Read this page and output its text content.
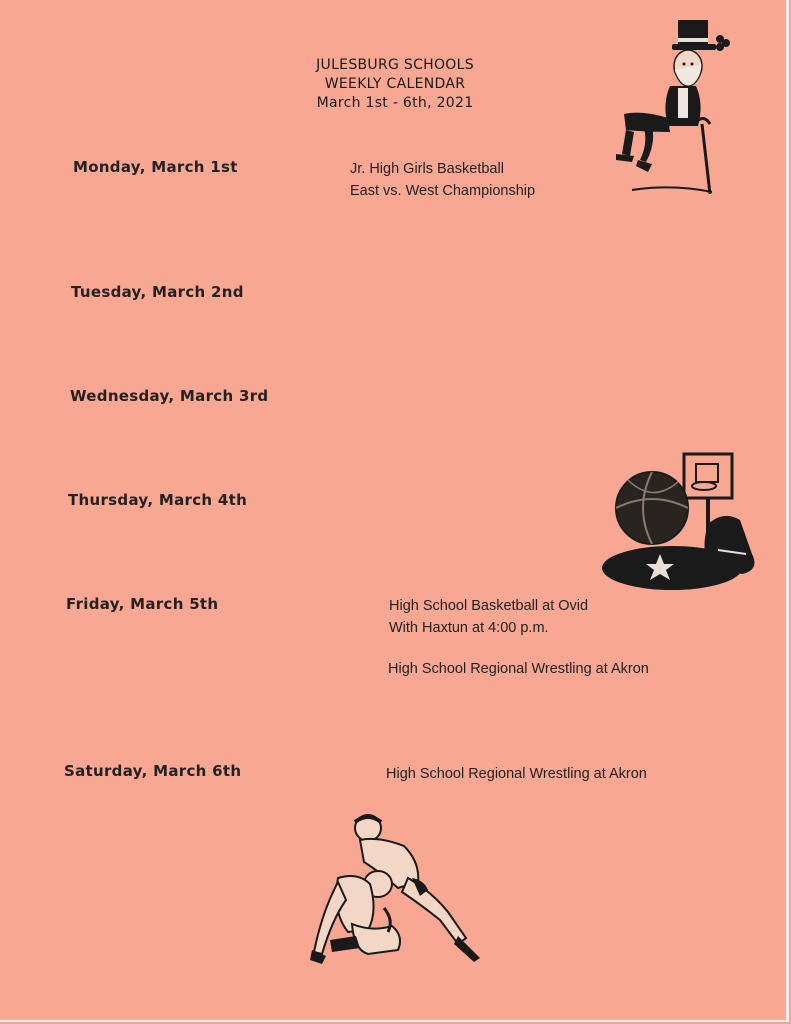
JULESBURG SCHOOLS
WEEKLY CALENDAR
March 1st - 6th, 2021
Monday, March 1st	Jr. High Girls Basketball
East vs. West Championship
Tuesday, March 2nd
Wednesday, March 3rd
Thursday, March 4th
Friday, March 5th	High School Basketball at Ovid
With Haxtun at 4:00 p.m.
High School Regional Wrestling at Akron
Saturday, March 6th	High School Regional Wrestling at Akron
